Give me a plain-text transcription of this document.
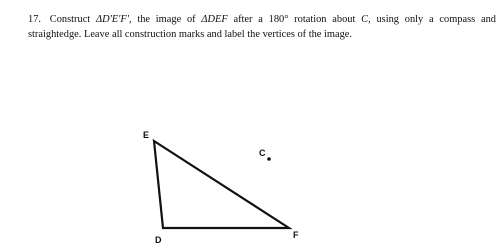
17. Construct ΔD'E'F', the image of ΔDEF after a 180° rotation about C, using only a compass and straightedge. Leave all construction marks and label the vertices of the image.
E
D	F
C
